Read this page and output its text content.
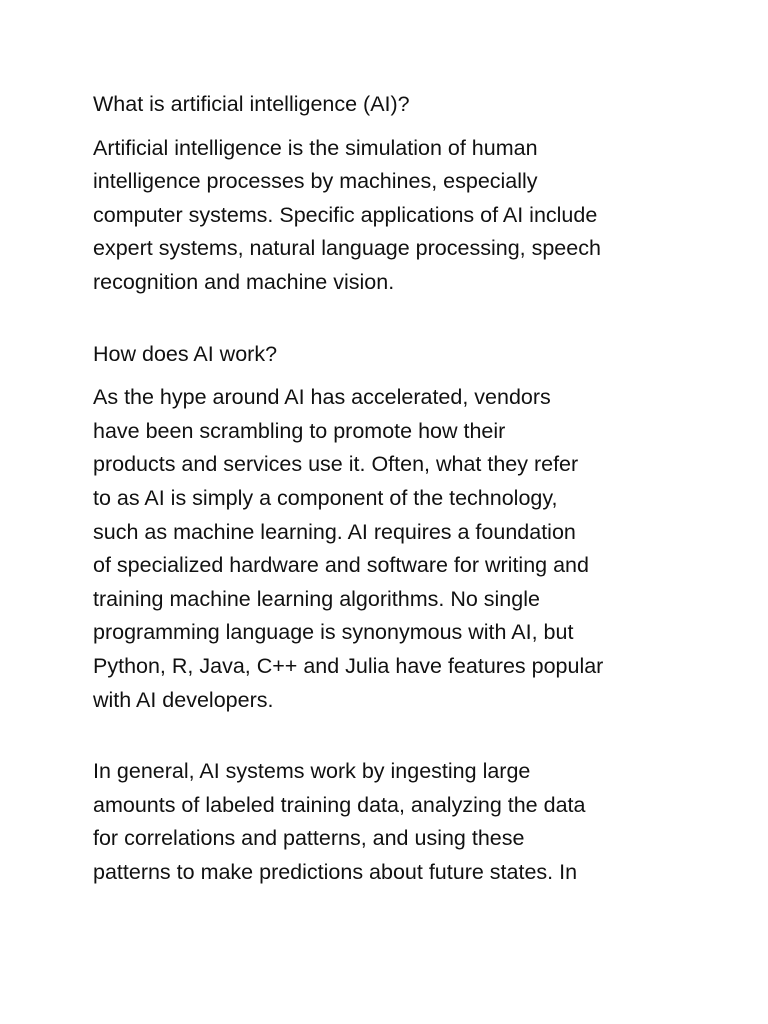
What is artificial intelligence (AI)?
Artificial intelligence is the simulation of human
intelligence processes by machines, especially
computer systems. Specific applications of AI include
expert systems, natural language processing, speech
recognition and machine vision.
How does AI work?
As the hype around AI has accelerated, vendors
have been scrambling to promote how their
products and services use it. Often, what they refer
to as AI is simply a component of the technology,
such as machine learning. AI requires a foundation
of specialized hardware and software for writing and
training machine learning algorithms. No single
programming language is synonymous with AI, but
Python, R, Java, C++ and Julia have features popular
with AI developers.
In general, AI systems work by ingesting large
amounts of labeled training data, analyzing the data
for correlations and patterns, and using these
patterns to make predictions about future states. In
